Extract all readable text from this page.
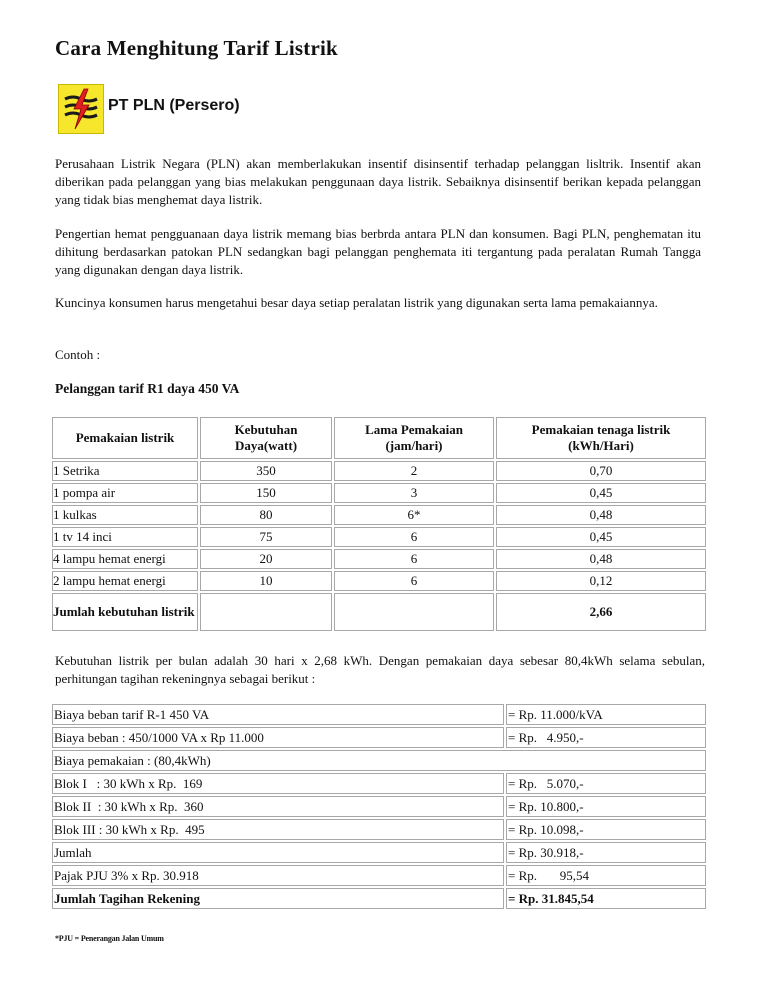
Cara Menghitung Tarif Listrik
PT PLN (Persero)

Perusahaan Listrik Negara (PLN) akan memberlakukan insentif disinsentif terhadap pelanggan lisltrik. Insentif akan diberikan pada pelanggan yang bias melakukan penggunaan daya listrik. Sebaiknya disinsentif berikan kepada pelanggan yang tidak bias menghemat daya listrik.

Pengertian hemat pengguanaan daya listrik memang bias berbrda antara PLN dan konsumen. Bagi PLN, penghematan itu dihitung berdasarkan patokan PLN sedangkan bagi pelanggan penghemata iti tergantung pada peralatan Rumah Tangga yang digunakan dengan daya listrik.

Kuncinya konsumen harus mengetahui besar daya setiap peralatan listrik yang digunakan serta lama pemakaiannya.

Contoh :

Pelanggan tarif R1 daya 450 VA

Pemakaian listrik	Kebutuhan Daya(watt)	Lama Pemakaian (jam/hari)	Pemakaian tenaga listrik (kWh/Hari)
1 Setrika	350	2	0,70
1 pompa air	150	3	0,45
1 kulkas	80	6*	0,48
1 tv 14 inci	75	6	0,45
4 lampu hemat energi	20	6	0,48
2 lampu hemat energi	10	6	0,12
Jumlah kebutuhan listrik			2,66

Kebutuhan listrik per bulan adalah 30 hari x 2,68 kWh. Dengan pemakaian daya sebesar 80,4kWh selama sebulan, perhitungan tagihan rekeningnya sebagai berikut :

Biaya beban tarif R-1 450 VA	= Rp. 11.000/kVA
Biaya beban : 450/1000 VA x Rp 11.000	= Rp.   4.950,-
Biaya pemakaian : (80,4kWh)	
Blok I   : 30 kWh x Rp.  169	= Rp.   5.070,-
Blok II  : 30 kWh x Rp.  360	= Rp. 10.800,-
Blok III : 30 kWh x Rp.  495	= Rp. 10.098,-
Jumlah	= Rp. 30.918,-
Pajak PJU 3% x Rp. 30.918	= Rp.       95,54
Jumlah Tagihan Rekening	= Rp. 31.845,54

*PJU = Penerangan Jalan Umum
